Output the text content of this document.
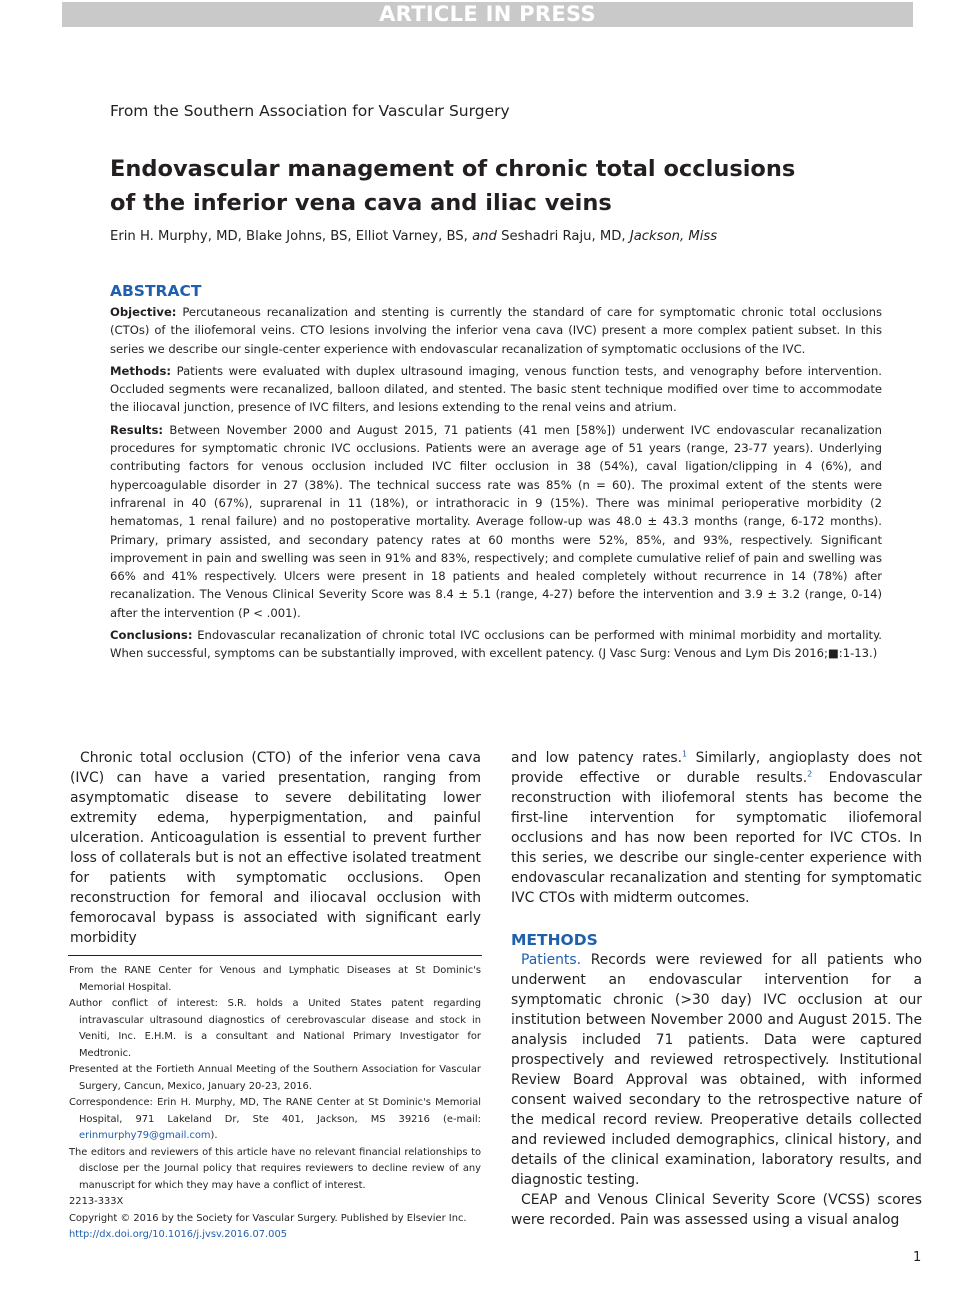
ARTICLE IN PRESS
From the Southern Association for Vascular Surgery
Endovascular management of chronic total occlusions
of the inferior vena cava and iliac veins
Erin H. Murphy, MD, Blake Johns, BS, Elliot Varney, BS, and Seshadri Raju, MD, Jackson, Miss
ABSTRACT

Objective: Percutaneous recanalization and stenting is currently the standard of care for symptomatic chronic total occlusions (CTOs) of the iliofemoral veins. CTO lesions involving the inferior vena cava (IVC) present a more complex patient subset. In this series we describe our single-center experience with endovascular recanalization of symptomatic occlusions of the IVC.

Methods: Patients were evaluated with duplex ultrasound imaging, venous function tests, and venography before intervention. Occluded segments were recanalized, balloon dilated, and stented. The basic stent technique modified over time to accommodate the iliocaval junction, presence of IVC filters, and lesions extending to the renal veins and atrium.

Results: Between November 2000 and August 2015, 71 patients (41 men [58%]) underwent IVC endovascular recanalization procedures for symptomatic chronic IVC occlusions. Patients were an average age of 51 years (range, 23-77 years). Underlying contributing factors for venous occlusion included IVC filter occlusion in 38 (54%), caval ligation/clipping in 4 (6%), and hypercoagulable disorder in 27 (38%). The technical success rate was 85% (n = 60). The proximal extent of the stents were infrarenal in 40 (67%), suprarenal in 11 (18%), or intrathoracic in 9 (15%). There was minimal perioperative morbidity (2 hematomas, 1 renal failure) and no postoperative mortality. Average follow-up was 48.0 ± 43.3 months (range, 6-172 months). Primary, primary assisted, and secondary patency rates at 60 months were 52%, 85%, and 93%, respectively. Significant improvement in pain and swelling was seen in 91% and 83%, respectively; and complete cumulative relief of pain and swelling was 66% and 41% respectively. Ulcers were present in 18 patients and healed completely without recurrence in 14 (78%) after recanalization. The Venous Clinical Severity Score was 8.4 ± 5.1 (range, 4-27) before the intervention and 3.9 ± 3.2 (range, 0-14) after the intervention (P < .001).

Conclusions: Endovascular recanalization of chronic total IVC occlusions can be performed with minimal morbidity and mortality. When successful, symptoms can be substantially improved, with excellent patency. (J Vasc Surg: Venous and Lym Dis 2016;■:1-13.)

Chronic total occlusion (CTO) of the inferior vena cava (IVC) can have a varied presentation, ranging from asymptomatic disease to severe debilitating lower extremity edema, hyperpigmentation, and painful ulceration. Anticoagulation is essential to prevent further loss of collaterals but is not an effective isolated treatment for patients with symptomatic occlusions. Open reconstruction for femoral and iliocaval occlusion with femorocaval bypass is associated with significant early morbidity

and low patency rates.$^1$ Similarly, angioplasty does not provide effective or durable results.$^2$ Endovascular reconstruction with iliofemoral stents has become the first-line intervention for symptomatic iliofemoral occlusions and has now been reported for IVC CTOs. In this series, we describe our single-center experience with endovascular recanalization and stenting for symptomatic IVC CTOs with midterm outcomes.

METHODS

Patients. Records were reviewed for all patients who underwent an endovascular intervention for a symptomatic chronic (>30 day) IVC occlusion at our institution between November 2000 and August 2015. The analysis included 71 patients. Data were captured prospectively and reviewed retrospectively. Institutional Review Board Approval was obtained, with informed consent waived secondary to the retrospective nature of the medical record review. Preoperative details collected and reviewed included demographics, clinical history, and details of the clinical examination, laboratory results, and diagnostic testing.

CEAP and Venous Clinical Severity Score (VCSS) scores were recorded. Pain was assessed using a visual analog

From the RANE Center for Venous and Lymphatic Diseases at St Dominic's Memorial Hospital.

Author conflict of interest: S.R. holds a United States patent regarding intravascular ultrasound diagnostics of cerebrovascular disease and stock in Veniti, Inc. E.H.M. is a consultant and National Primary Investigator for Medtronic.

Presented at the Fortieth Annual Meeting of the Southern Association for Vascular Surgery, Cancun, Mexico, January 20-23, 2016.

Correspondence: Erin H. Murphy, MD, The RANE Center at St Dominic's Memorial Hospital, 971 Lakeland Dr, Ste 401, Jackson, MS 39216 (e-mail: erinmurphy79@gmail.com).

The editors and reviewers of this article have no relevant financial relationships to disclose per the Journal policy that requires reviewers to decline review of any manuscript for which they may have a conflict of interest.

2213-333X

Copyright © 2016 by the Society for Vascular Surgery. Published by Elsevier Inc.

http://dx.doi.org/10.1016/j.jvsv.2016.07.005

1
